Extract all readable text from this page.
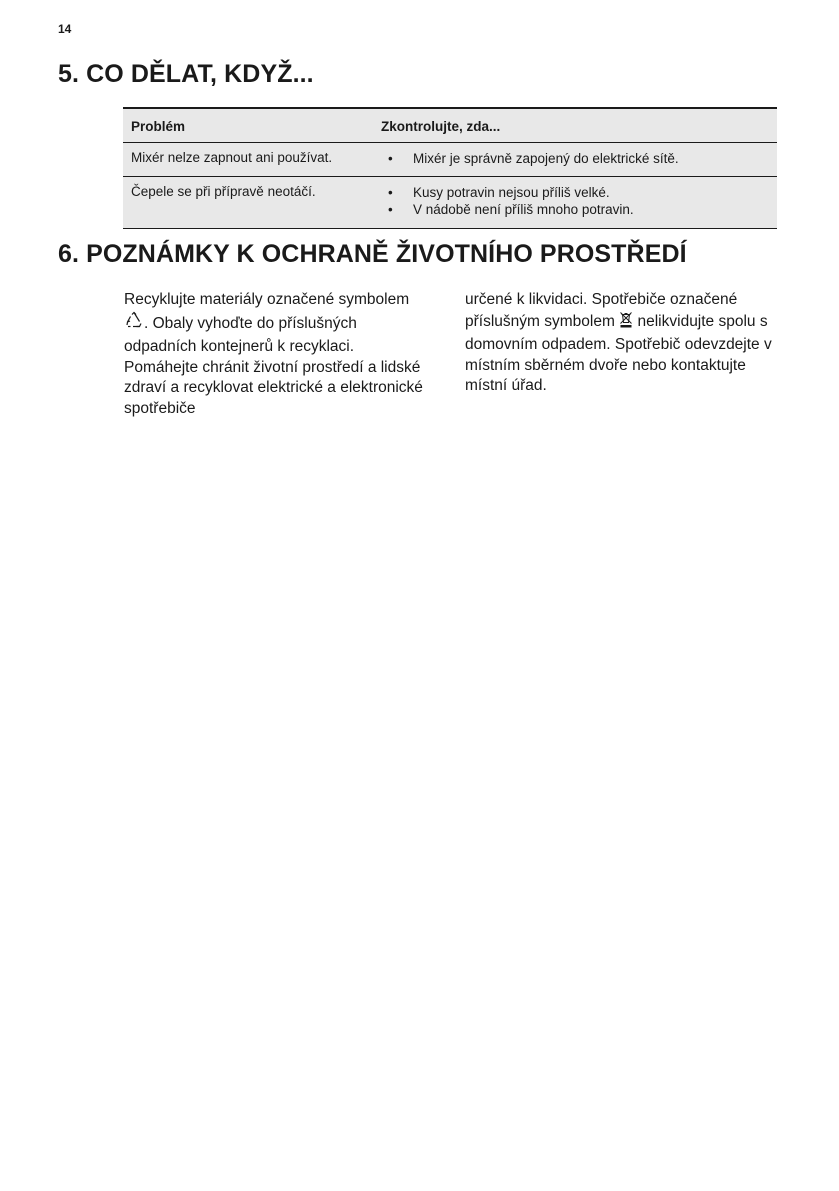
14
5. CO DĚLAT, KDYŽ...
Problém	Zkontrolujte, zda...
Mixér nelze zapnout ani používat.	• Mixér je správně zapojený do elektrické sítě.

Čepele se při přípravě neotáčí.	• Kusy potravin nejsou příliš velké.
• V nádobě není příliš mnoho potravin.
6. POZNÁMKY K OCHRANĚ ŽIVOTNÍHO PROSTŘEDÍ

Recyklujte materiály označené symbolem . Obaly vyhoďte do příslušných odpadních kontejnerů k recyklaci. Pomáhejte chránit životní prostředí a lidské zdraví a recyklovat elektrické a elektronické spotřebiče

určené k likvidaci. Spotřebiče označené příslušným symbolem nelikvidujte spolu s domovním odpadem. Spotřebič odevzdejte v místním sběrném dvoře nebo kontaktujte místní úřad.
